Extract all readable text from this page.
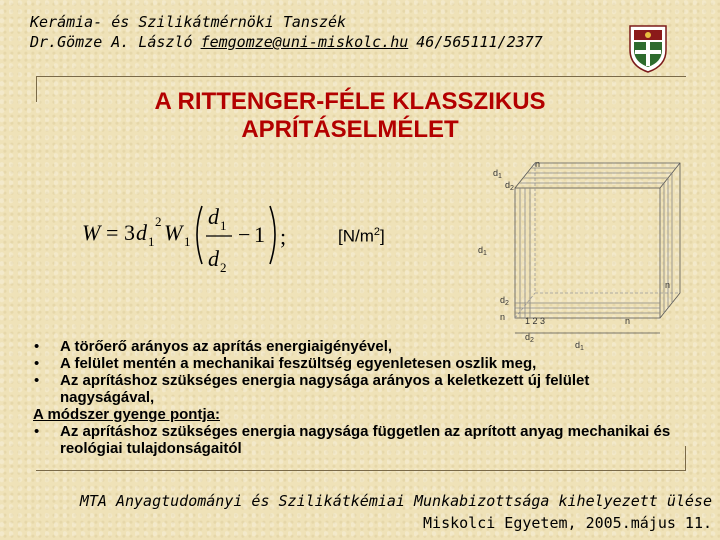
Kerámia- és Szilikátmérnöki Tanszék
Dr.Gömze A. László femgomze@uni-miskolc.hu 46/565111/2377
A RITTENGER-FÉLE KLASSZIKUS
APRÍTÁSELMÉLET
W = 3 d 1
2 W 1
d 1
d 2
− 1 ;	$[N/m^2]$
$d_1$
$d_2$
n
$d_1$
$d_2$
n
n
1 2 3	n
$d_2$	$d_1$
• A törőerő arányos az aprítás energiaigényével,
• A felület mentén a mechanikai feszültség egyenletesen oszlik meg,
• Az aprításhoz szükséges energia nagysága arányos a keletkezett új felület nagyságával,
A módszer gyenge pontja:
• Az aprításhoz szükséges energia nagysága független az aprított anyag mechanikai és reológiai tulajdonságaitól
MTA Anyagtudományi és Szilikátkémiai Munkabizottsága kihelyezett ülése
Miskolci Egyetem, 2005.május 11.
